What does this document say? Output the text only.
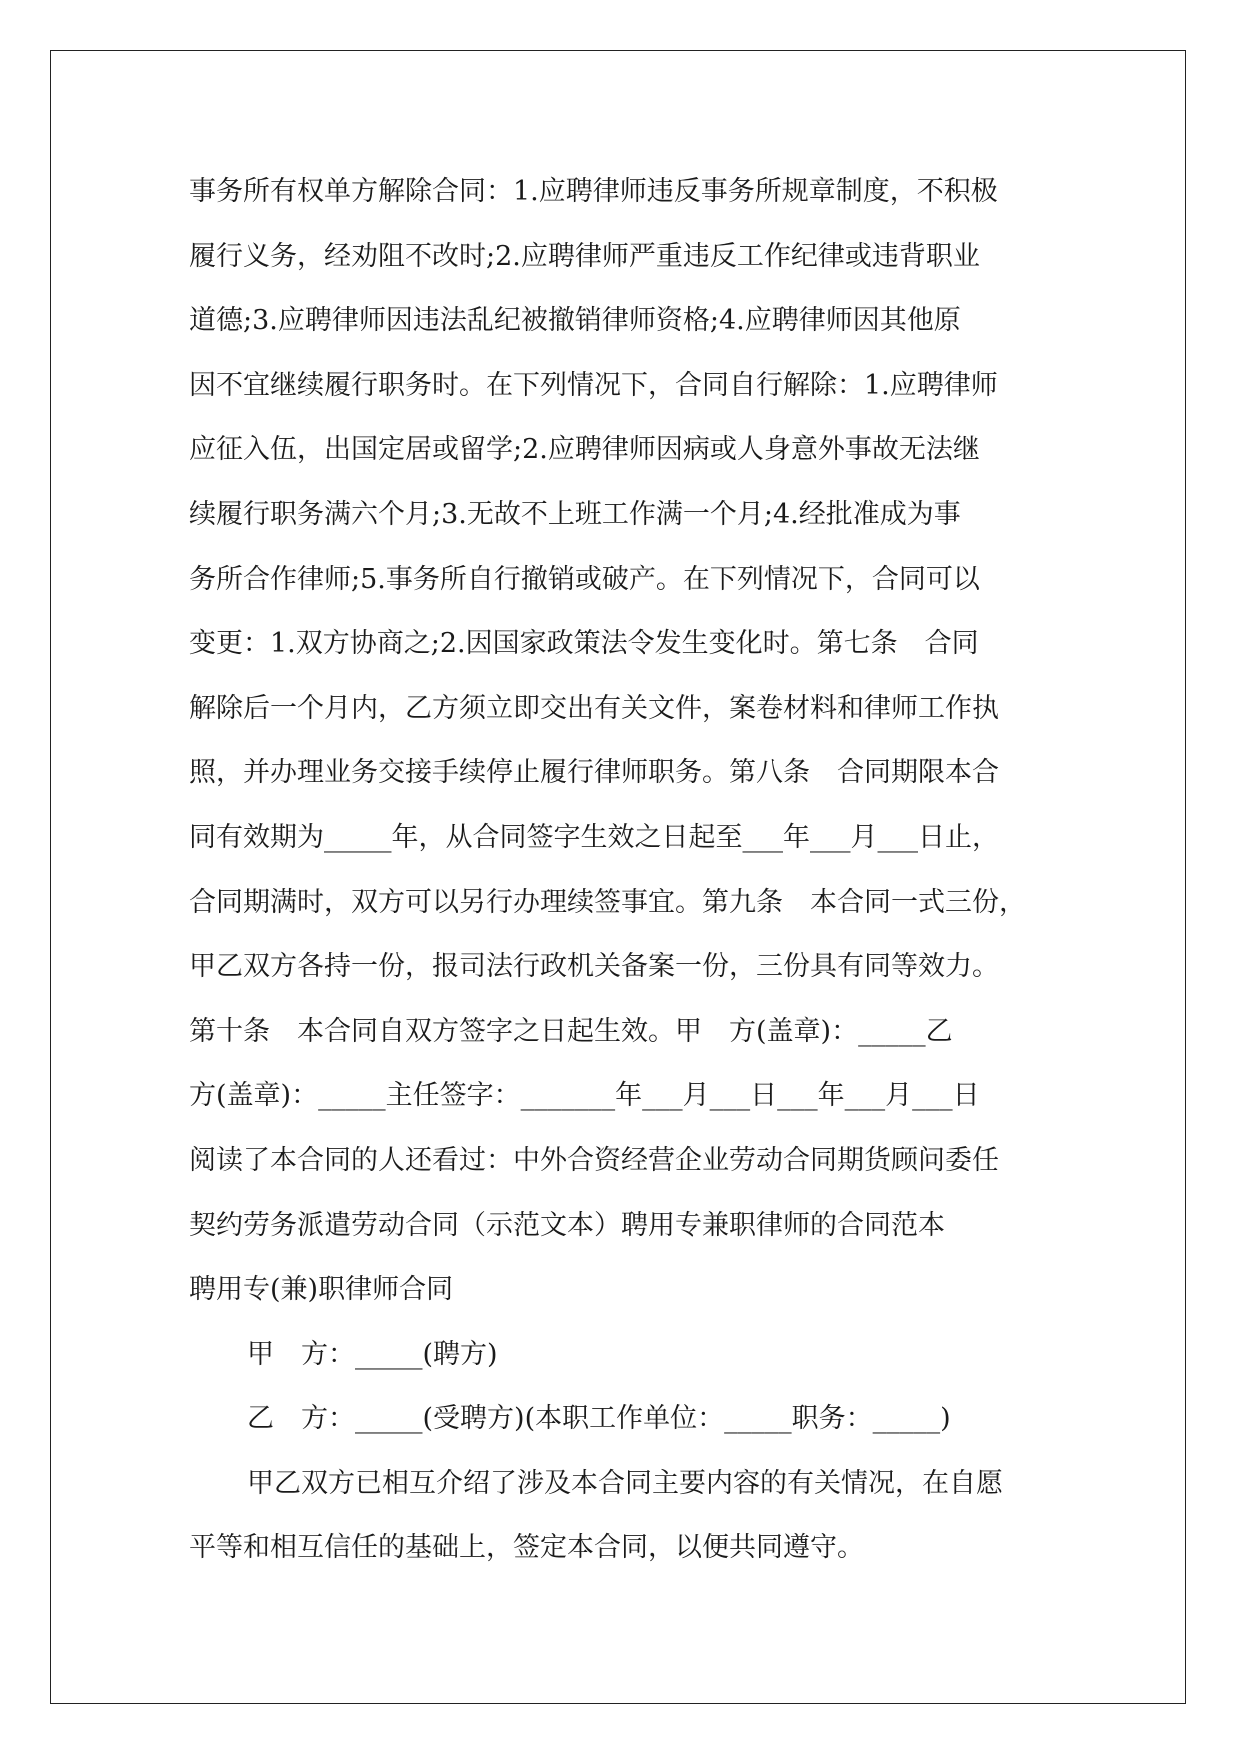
事务所有权单方解除合同：1.应聘律师违反事务所规章制度，不积极
履行义务，经劝阻不改时;2.应聘律师严重违反工作纪律或违背职业
道德;3.应聘律师因违法乱纪被撤销律师资格;4.应聘律师因其他原
因不宜继续履行职务时。在下列情况下，合同自行解除：1.应聘律师
应征入伍，出国定居或留学;2.应聘律师因病或人身意外事故无法继
续履行职务满六个月;3.无故不上班工作满一个月;4.经批准成为事
务所合作律师;5.事务所自行撤销或破产。在下列情况下，合同可以
变更：1.双方协商之;2.因国家政策法令发生变化时。第七条　合同
解除后一个月内，乙方须立即交出有关文件，案卷材料和律师工作执
照，并办理业务交接手续停止履行律师职务。第八条　合同期限本合
同有效期为_____年，从合同签字生效之日起至___年___月___日止，
合同期满时，双方可以另行办理续签事宜。第九条　本合同一式三份，
甲乙双方各持一份，报司法行政机关备案一份，三份具有同等效力。
第十条　本合同自双方签字之日起生效。甲　方(盖章)：_____乙
方(盖章)：_____主任签字：_______年___月___日___年___月___日
阅读了本合同的人还看过：中外合资经营企业劳动合同期货顾问委任
契约劳务派遣劳动合同（示范文本）聘用专兼职律师的合同范本
聘用专(兼)职律师合同
甲　方：_____(聘方)
乙　方：_____(受聘方)(本职工作单位：_____职务：_____)
甲乙双方已相互介绍了涉及本合同主要内容的有关情况，在自愿
平等和相互信任的基础上，签定本合同，以便共同遵守。
